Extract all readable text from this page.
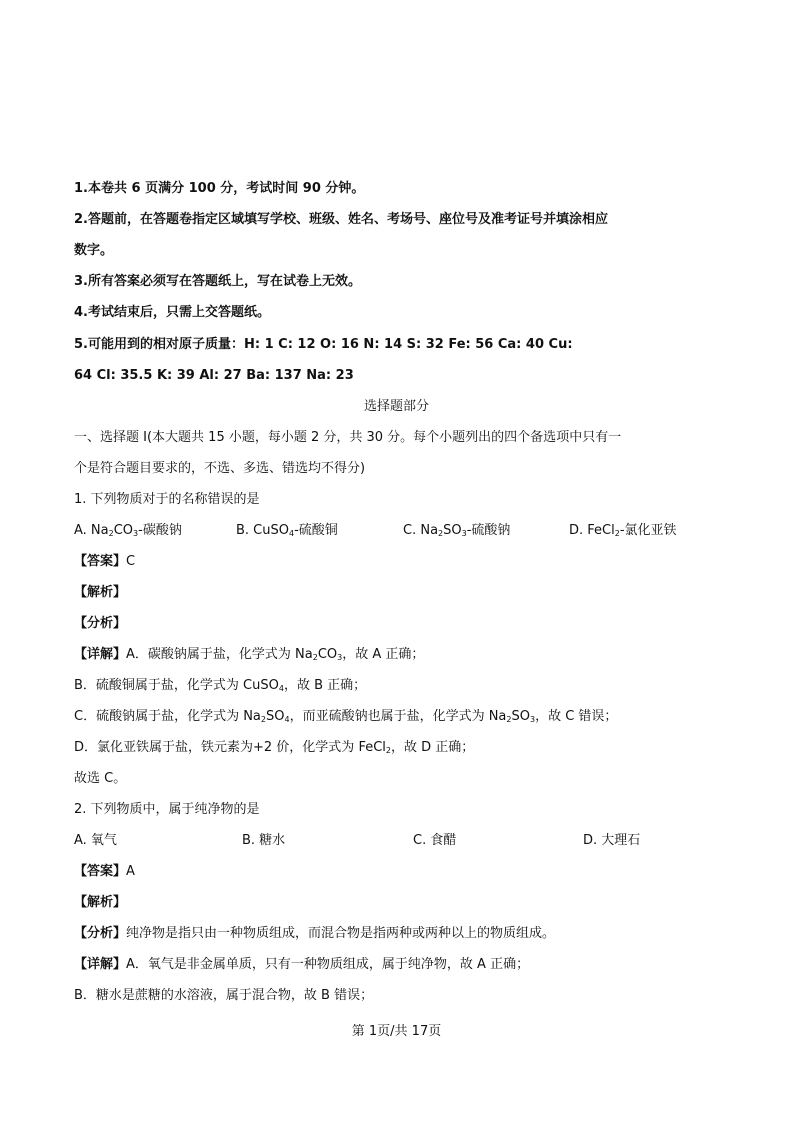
1.本卷共 6 页满分 100 分，考试时间 90 分钟。
2.答题前，在答题卷指定区域填写学校、班级、姓名、考场号、座位号及准考证号并填涂相应
数字。
3.所有答案必须写在答题纸上，写在试卷上无效。
4.考试结束后，只需上交答题纸。
5.可能用到的相对原子质量：H: 1 C: 12 O: 16 N: 14 S: 32 Fe: 56 Ca: 40 Cu:
64 Cl: 35.5 K: 39 Al: 27 Ba: 137 Na: 23
选择题部分
一、选择题 I(本大题共 15 小题，每小题 2 分，共 30 分。每个小题列出的四个备选项中只有一
个是符合题目要求的，不选、多选、错选均不得分)
1. 下列物质对于的名称错误的是
A. $Na_2CO_3-$碳酸钠	B. CuSO$_4$-硫酸铜	C. $Na_2SO_3-$硫酸钠	D. FeCl$_2$-氯化亚铁
【答案】C
【解析】
【分析】
【详解】A．碳酸钠属于盐，化学式为 $Na_2CO_3$，故 A 正确；
B．硫酸铜属于盐，化学式为 CuSO$_4$，故 B 正确；
C．硫酸钠属于盐，化学式为 $Na_2SO_4$，而亚硫酸钠也属于盐，化学式为 $Na_2SO_3$，故 C 错误；
D．氯化亚铁属于盐，铁元素为+2 价，化学式为 FeCl$_2$，故 D 正确；
故选 C。
2. 下列物质中，属于纯净物的是
A. 氧气	B. 糖水	C. 食醋	D. 大理石
【答案】A
【解析】
【分析】纯净物是指只由一种物质组成，而混合物是指两种或两种以上的物质组成。
【详解】A．氧气是非金属单质，只有一种物质组成，属于纯净物，故 A 正确；
B．糖水是蔗糖的水溶液，属于混合物，故 B 错误；
第 1页/共 17页
